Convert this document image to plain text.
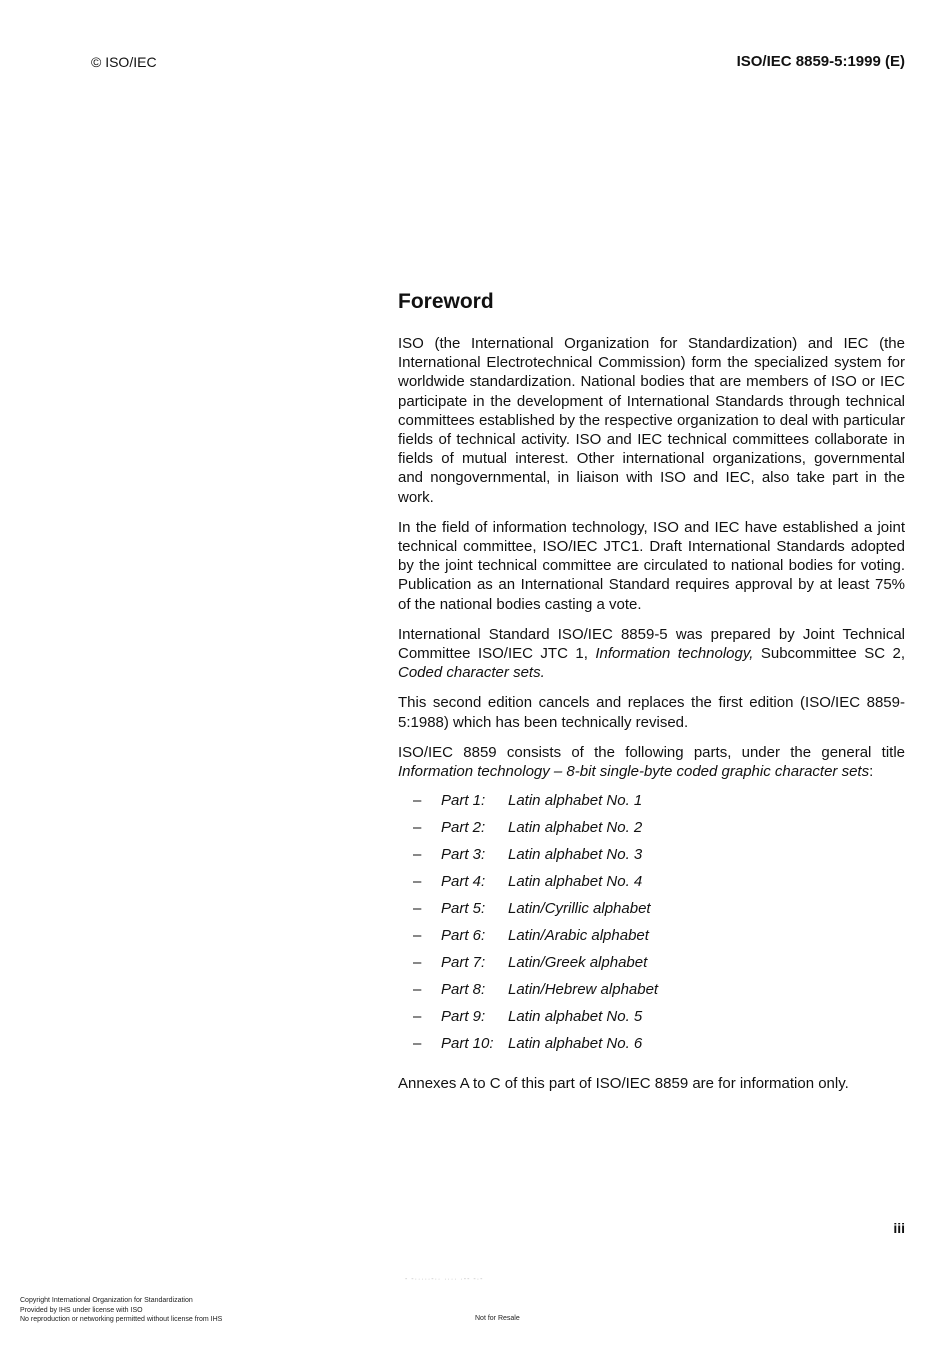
© ISO/IEC	ISO/IEC 8859-5:1999 (E)
Foreword

ISO (the International Organization for Standardization) and IEC (the International Electrotechnical Commission) form the specialized system for worldwide standardization. National bodies that are members of ISO or IEC participate in the development of International Standards through technical committees established by the respective organization to deal with particular fields of technical activity. ISO and IEC technical committees collaborate in fields of mutual interest. Other international organizations, governmental and nongovernmental, in liaison with ISO and IEC, also take part in the work.

In the field of information technology, ISO and IEC have established a joint technical committee, ISO/IEC JTC1. Draft International Standards adopted by the joint technical committee are circulated to national bodies for voting. Publication as an International Standard requires approval by at least 75% of the national bodies casting a vote.

International Standard ISO/IEC 8859-5 was prepared by Joint Technical Committee ISO/IEC JTC 1, Information technology, Subcommittee SC 2, Coded character sets.

This second edition cancels and replaces the first edition (ISO/IEC 8859-5:1988) which has been technically revised.

ISO/IEC 8859 consists of the following parts, under the general title Information technology – 8-bit single-byte coded graphic character sets:

–	Part 1:	Latin alphabet No. 1
–	Part 2:	Latin alphabet No. 2
–	Part 3:	Latin alphabet No. 3
–	Part 4:	Latin alphabet No. 4
–	Part 5:	Latin/Cyrillic alphabet
–	Part 6:	Latin/Arabic alphabet
–	Part 7:	Latin/Greek alphabet
–	Part 8:	Latin/Hebrew alphabet
–	Part 9:	Latin alphabet No. 5
–	Part 10: Latin alphabet No. 6

Annexes A to C of this part of ISO/IEC 8859 are for information only.

iii
- -·····-·· ···· ·-- -·-
Copyright International Organization for Standardization
Provided by IHS under license with ISO
No reproduction or networking permitted without license from IHS	Not for Resale
